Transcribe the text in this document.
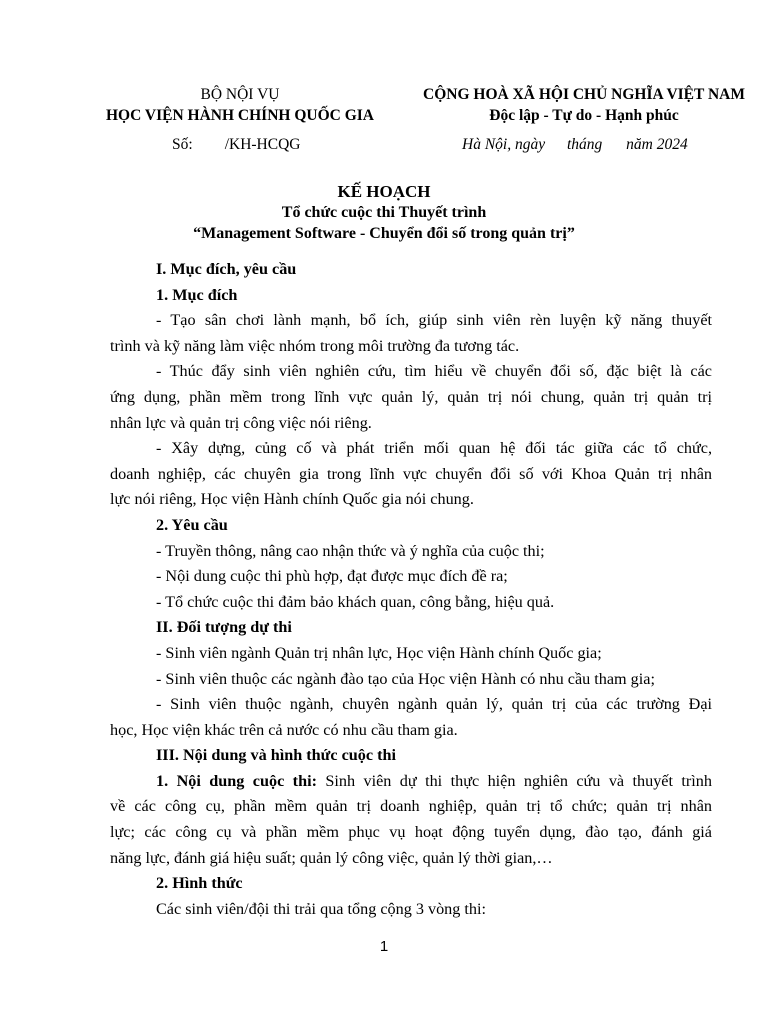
BỘ NỘI VỤ
HỌC VIỆN HÀNH CHÍNH QUỐC GIA
CỘNG HOÀ XÃ HỘI CHỦ NGHĨA VIỆT NAM
Độc lập - Tự do - Hạnh phúc
Số: /KH-HCQG	Hà Nội, ngày tháng năm 2024
KẾ HOẠCH
Tổ chức cuộc thi Thuyết trình
“Management Software - Chuyển đổi số trong quản trị”
I. Mục đích, yêu cầu
1. Mục đích
- Tạo sân chơi lành mạnh, bổ ích, giúp sinh viên rèn luyện kỹ năng thuyết
trình và kỹ năng làm việc nhóm trong môi trường đa tương tác.
- Thúc đẩy sinh viên nghiên cứu, tìm hiểu về chuyển đổi số, đặc biệt là các
ứng dụng, phần mềm trong lĩnh vực quản lý, quản trị nói chung, quản trị quản trị
nhân lực và quản trị công việc nói riêng.
- Xây dựng, củng cố và phát triển mối quan hệ đối tác giữa các tổ chức,
doanh nghiệp, các chuyên gia trong lĩnh vực chuyển đổi số với Khoa Quản trị nhân
lực nói riêng, Học viện Hành chính Quốc gia nói chung.
2. Yêu cầu
- Truyền thông, nâng cao nhận thức và ý nghĩa của cuộc thi;
- Nội dung cuộc thi phù hợp, đạt được mục đích đề ra;
- Tổ chức cuộc thi đảm bảo khách quan, công bằng, hiệu quả.
II. Đối tượng dự thi
- Sinh viên ngành Quản trị nhân lực, Học viện Hành chính Quốc gia;
- Sinh viên thuộc các ngành đào tạo của Học viện Hành có nhu cầu tham gia;
- Sinh viên thuộc ngành, chuyên ngành quản lý, quản trị của các trường Đại
học, Học viện khác trên cả nước có nhu cầu tham gia.
III. Nội dung và hình thức cuộc thi
1. Nội dung cuộc thi: Sinh viên dự thi thực hiện nghiên cứu và thuyết trình
về các công cụ, phần mềm quản trị doanh nghiệp, quản trị tổ chức; quản trị nhân
lực; các công cụ và phần mềm phục vụ hoạt động tuyển dụng, đào tạo, đánh giá
năng lực, đánh giá hiệu suất; quản lý công việc, quản lý thời gian,…
2. Hình thức
Các sinh viên/đội thi trải qua tổng cộng 3 vòng thi:
1
